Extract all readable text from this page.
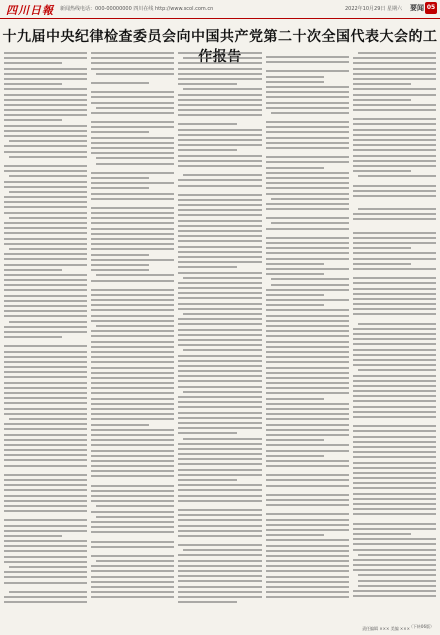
四川日報 新闻热线电话：000-00000000 四川在线 http://www.scol.com.cn	2022年10月29日 星期六 要闻 05
十九届中央纪律检查委员会向中国共产党第二十次全国代表大会的工
责任编辑 ××× 美编 ×××
（下转06版）
